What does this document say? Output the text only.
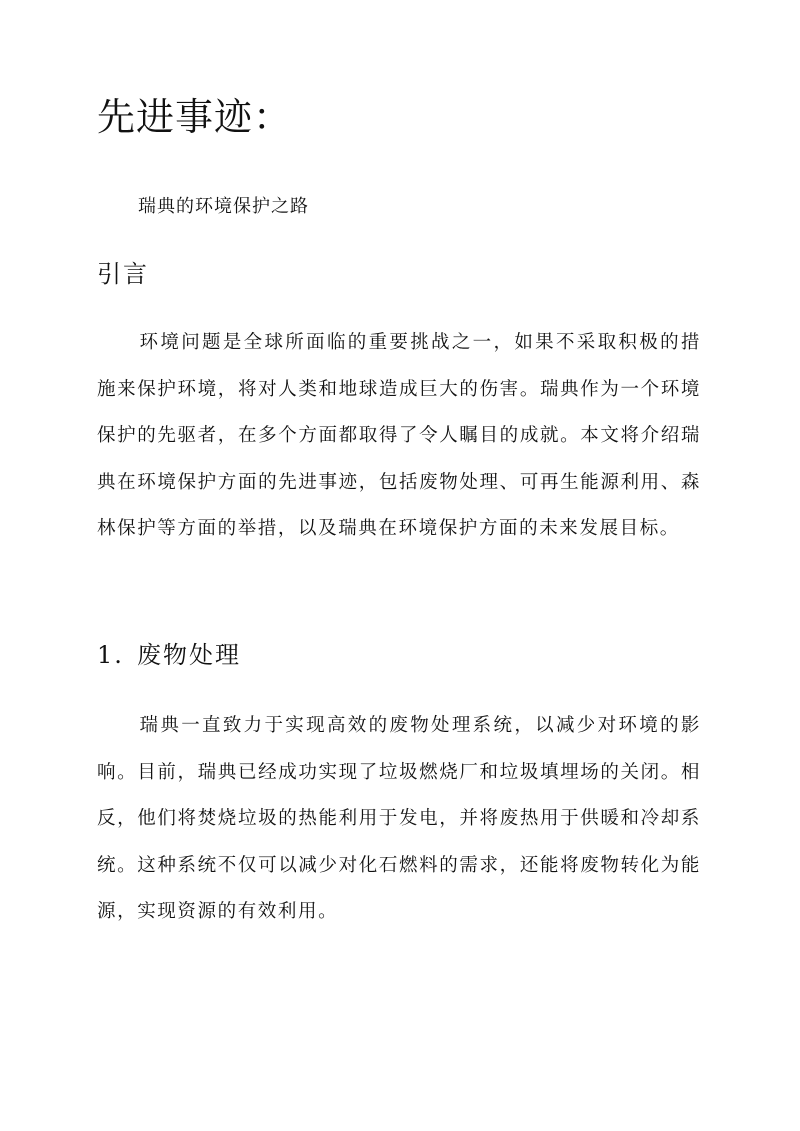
先进事迹：

瑞典的环境保护之路

引言

环境问题是全球所面临的重要挑战之一，如果不采取积极的措施来保护环境，将对人类和地球造成巨大的伤害。瑞典作为一个环境保护的先驱者，在多个方面都取得了令人瞩目的成就。本文将介绍瑞典在环境保护方面的先进事迹，包括废物处理、可再生能源利用、森林保护等方面的举措，以及瑞典在环境保护方面的未来发展目标。

1. 废物处理

瑞典一直致力于实现高效的废物处理系统，以减少对环境的影响。目前，瑞典已经成功实现了垃圾燃烧厂和垃圾填埋场的关闭。相反，他们将焚烧垃圾的热能利用于发电，并将废热用于供暖和冷却系统。这种系统不仅可以减少对化石燃料的需求，还能将废物转化为能源，实现资源的有效利用。
